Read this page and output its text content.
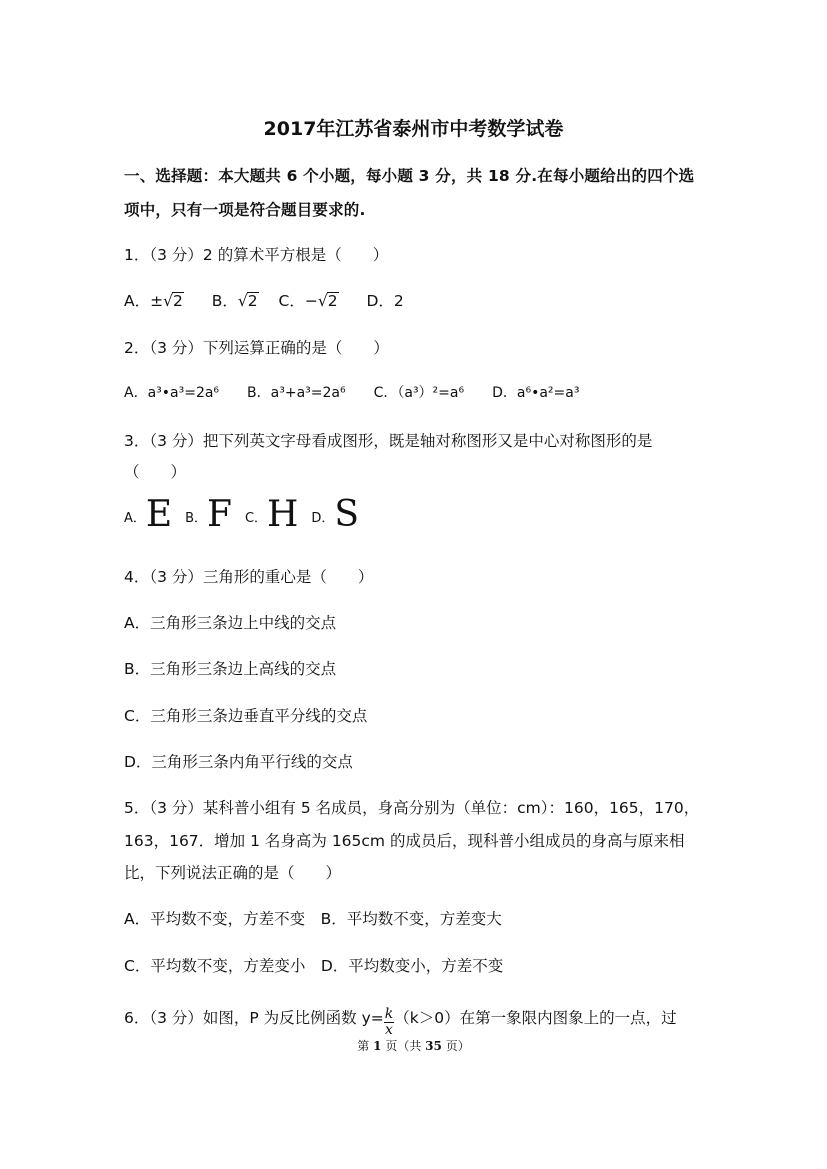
2017年江苏省泰州市中考数学试卷
一、选择题：本大题共 6 个小题，每小题 3 分，共 18 分.在每小题给出的四个选
项中，只有一项是符合题目要求的.
1．（3 分）2 的算术平方根是（　　）
A．±√2 B．√2 C．−√2 D．2
2．（3 分）下列运算正确的是（　　）
A．a³•a³=2a⁶　　B．a³+a³=2a⁶　　C．（a³）²=a⁶　　D．a⁶•a²=a³
3．（3 分）把下列英文字母看成图形，既是轴对称图形又是中心对称图形的是
（　　）
A．E B．F C．H D．S
4．（3 分）三角形的重心是（　　）
A．三角形三条边上中线的交点
B．三角形三条边上高线的交点
C．三角形三条边垂直平分线的交点
D．三角形三条内角平行线的交点
5．（3 分）某科普小组有 5 名成员，身高分别为（单位：cm）：160，165，170，
163，167．增加 1 名身高为 165cm 的成员后，现科普小组成员的身高与原来相
比，下列说法正确的是（　　）
A．平均数不变，方差不变　B．平均数不变，方差变大
C．平均数不变，方差变小　D．平均数变小，方差不变
6．（3 分）如图，P 为反比例函数 $y= \frac{k}{x} (k>0)$在第一象限内图象上的一点，过
第 1 页（共 35 页）
